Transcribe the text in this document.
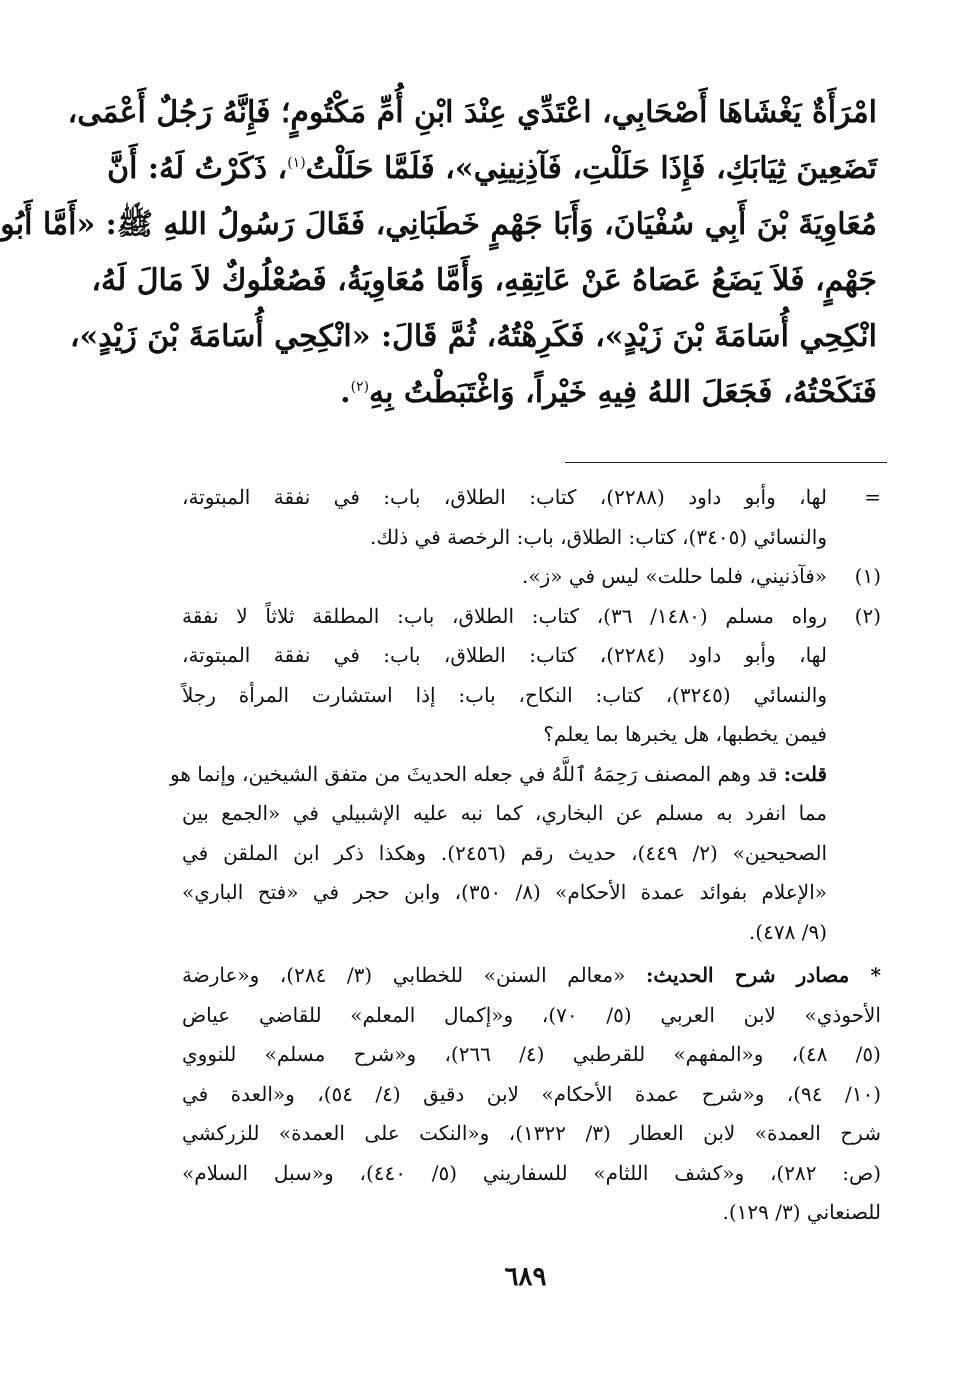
امْرَأَةٌ يَغْشَاهَا أَصْحَابِي، اعْتَدِّي عِنْدَ ابْنِ أُمِّ مَكْتُومٍ؛ فَإِنَّهُ رَجُلٌ أَعْمَى،
تَضَعِينَ ثِيَابَكِ، فَإِذَا حَلَلْتِ، فَآذِنِينِي»، فَلَمَّا حَلَلْتُ$^{(١)}$، ذَكَرْتُ لَهُ: أَنَّ
مُعَاوِيَةَ بْنَ أَبِي سُفْيَانَ، وَأَبَا جَهْمٍ خَطَبَانِي، فَقَالَ رَسُولُ اللهِ ﷺ: «أَمَّا أَبُو
جَهْمٍ، فَلاَ يَضَعُ عَصَاهُ عَنْ عَاتِقِهِ، وَأَمَّا مُعَاوِيَةُ، فَصُعْلُوكٌ لاَ مَالَ لَهُ،
انْكِحِي أُسَامَةَ بْنَ زَيْدٍ»، فَكَرِهْتُهُ، ثُمَّ قَالَ: «انْكِحِي أُسَامَةَ بْنَ زَيْدٍ»،
فَنَكَحْتُهُ، فَجَعَلَ اللهُ فِيهِ خَيْراً، وَاغْتَبَطْتُ بِهِ$^{(٢)}$.
=
لها، وأبو داود (٢٢٨٨)، كتاب: الطلاق، باب: في نفقة المبتوتة،
والنسائي (٣٤٠٥)، كتاب: الطلاق، باب: الرخصة في ذلك.
(١)
«فآذنيني، فلما حللت» ليس في «ز».
(٢)
رواه مسلم (١٤٨٠/ ٣٦)، كتاب: الطلاق، باب: المطلقة ثلاثاً لا نفقة
لها، وأبو داود (٢٢٨٤)، كتاب: الطلاق، باب: في نفقة المبتوتة،
والنسائي (٣٢٤٥)، كتاب: النكاح، باب: إذا استشارت المرأة رجلاً
فيمن يخطبها، هل يخبرها بما يعلم؟
قلت: قد وهم المصنف رَحِمَهُ ٱللَّهُ في جعله الحديثَ من متفق الشيخين، وإنما هو
مما انفرد به مسلم عن البخاري، كما نبه عليه الإشبيلي في «الجمع بين
الصحيحين» (٢/ ٤٤٩)، حديث رقم (٢٤٥٦). وهكذا ذكر ابن الملقن في
«الإعلام بفوائد عمدة الأحكام» (٨/ ٣٥٠)، وابن حجر في «فتح الباري»
(٩/ ٤٧٨).
* مصادر شرح الحديث: «معالم السنن» للخطابي (٣/ ٢٨٤)، و«عارضة
الأحوذي» لابن العربي (٥/ ٧٠)، و«إكمال المعلم» للقاضي عياض
(٥/ ٤٨)، و«المفهم» للقرطبي (٤/ ٢٦٦)، و«شرح مسلم» للنووي
(١٠/ ٩٤)، و«شرح عمدة الأحكام» لابن دقيق (٤/ ٥٤)، و«العدة في
شرح العمدة» لابن العطار (٣/ ١٣٢٢)، و«النكت على العمدة» للزركشي
(ص: ٢٨٢)، و«كشف اللثام» للسفاريني (٥/ ٤٤٠)، و«سبل السلام»
للصنعاني (٣/ ١٢٩).
٦٨٩
